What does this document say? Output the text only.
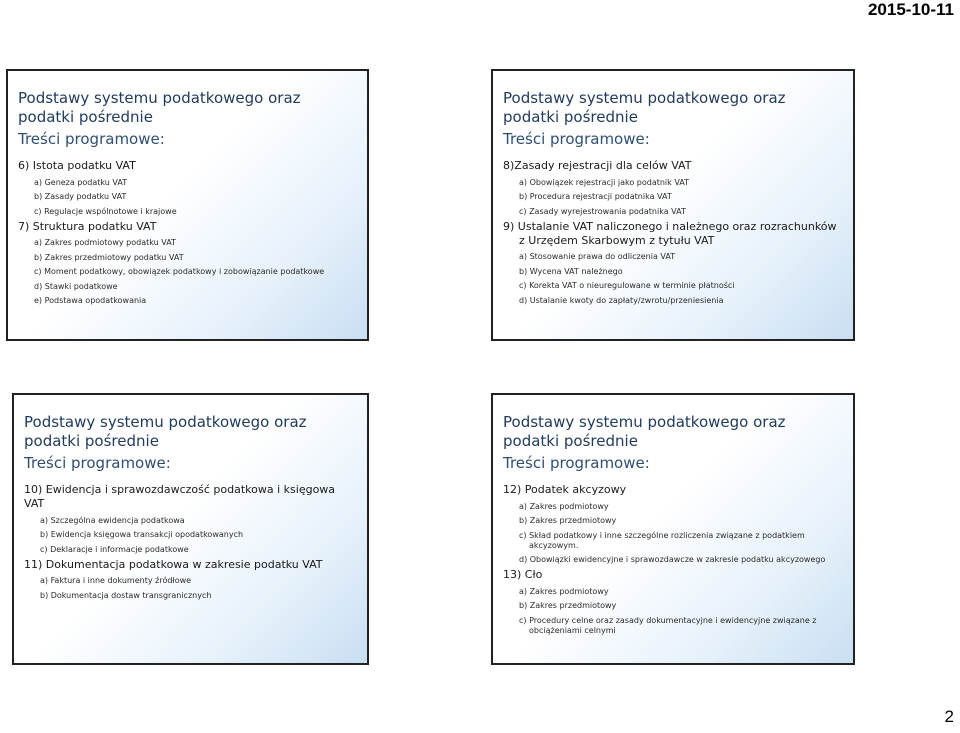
2015-10-11
Podstawy systemu podatkowego oraz podatki pośrednie
Treści programowe:
6) Istota podatku VAT
a) Geneza podatku VAT
b) Zasady podatku VAT
c) Regulacje wspólnotowe i krajowe
7) Struktura podatku VAT
a) Zakres podmiotowy podatku VAT
b) Zakres przedmiotowy podatku VAT
c) Moment podatkowy, obowiązek podatkowy i zobowiązanie podatkowe
d) Stawki podatkowe
e) Podstawa opodatkowania
Podstawy systemu podatkowego oraz podatki pośrednie
Treści programowe:
8)Zasady rejestracji dla celów VAT
a) Obowiązek rejestracji jako podatnik VAT
b) Procedura rejestracji podatnika VAT
c) Zasady wyrejestrowania podatnika VAT
9) Ustalanie VAT naliczonego i należnego oraz rozrachunków z Urzędem Skarbowym z tytułu VAT
a) Stosowanie prawa do odliczenia VAT
b) Wycena VAT należnego
c) Korekta VAT o nieuregulowane w terminie płatności
d) Ustalanie kwoty do zapłaty/zwrotu/przeniesienia
Podstawy systemu podatkowego oraz podatki pośrednie
Treści programowe:
10) Ewidencja i sprawozdawczość podatkowa i księgowa VAT
a) Szczególna ewidencja podatkowa
b) Ewidencja księgowa transakcji opodatkowanych
c) Deklaracje i informacje podatkowe
11) Dokumentacja podatkowa w zakresie podatku VAT
a) Faktura i inne dokumenty źródłowe
b) Dokumentacja dostaw transgranicznych
Podstawy systemu podatkowego oraz podatki pośrednie
Treści programowe:
12) Podatek akcyzowy
a) Zakres podmiotowy
b) Zakres przedmiotowy
c) Skład podatkowy i inne szczególne rozliczenia związane z podatkiem akcyzowym.
d) Obowiązki ewidencyjne i sprawozdawcze w zakresie podatku akcyzowego
13) Cło
a) Zakres podmiotowy
b) Zakres przedmiotowy
c) Procedury celne oraz zasady dokumentacyjne i ewidencyjne związane z obciążeniami celnymi
2
